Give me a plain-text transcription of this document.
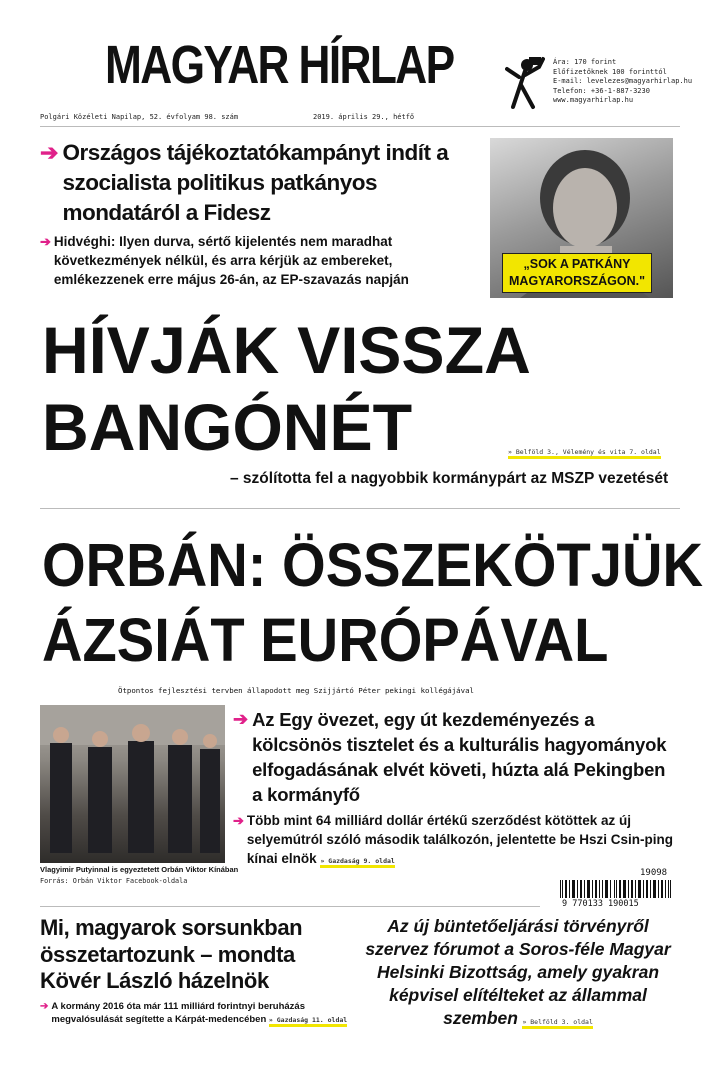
MAGYAR HÍRLAP	Ára: 170 forint
Előfizetőknek 100 forinttól
E-mail: levelezes@magyarhirlap.hu
Telefon: +36-1-887-3230
www.magyarhirlap.hu
Polgári Közéleti Napilap, 52. évfolyam 98. szám	2019. április 29., hétfő
➔ Országos tájékoztatókampányt indít a szocialista politikus patkányos mondatáról a Fidesz
➔ Hidvéghi: Ilyen durva, sértő kijelentés nem maradhat következmények nélkül, és arra kérjük az embereket, emlékezzenek erre május 26-án, az EP-szavazás napján
„SOK A PATKÁNY
MAGYARORSZÁGON."
HÍVJÁK VISSZA
BANGÓNÉT	» Belföld 3., Vélemény és vita 7. oldal
– szólította fel a nagyobbik kormánypárt az MSZP vezetését
ORBÁN: ÖSSZEKÖTJÜK
ÁZSIÁT EURÓPÁVAL
Ötpontos fejlesztési tervben állapodott meg Szijjártó Péter pekingi kollégájával
Vlagyimir Putyinnal is egyeztetett Orbán Viktor Kínában
Forrás: Orbán Viktor Facebook-oldala
➔ Az Egy övezet, egy út kezdeményezés a kölcsönös tisztelet és a kulturális hagyományok elfogadásának elvét követi, húzta alá Pekingben a kormányfő
➔ Több mint 64 milliárd dollár értékű szerződést kötöttek az új selyemútról szóló második találkozón, jelentette be Hszi Csin-ping kínai elnök » Gazdaság 9. oldal
19098
9 770133 190015
Mi, magyarok sorsunkban összetartozunk – mondta Kövér László házelnök
➔ A kormány 2016 óta már 111 milliárd forintnyi beruházás megvalósulását segítette a Kárpát-medencében » Gazdaság 11. oldal
Az új büntetőeljárási törvényről szervez fórumot a Soros-féle Magyar Helsinki Bizottság, amely gyakran képvisel elítélteket az állammal szemben » Belföld 3. oldal
